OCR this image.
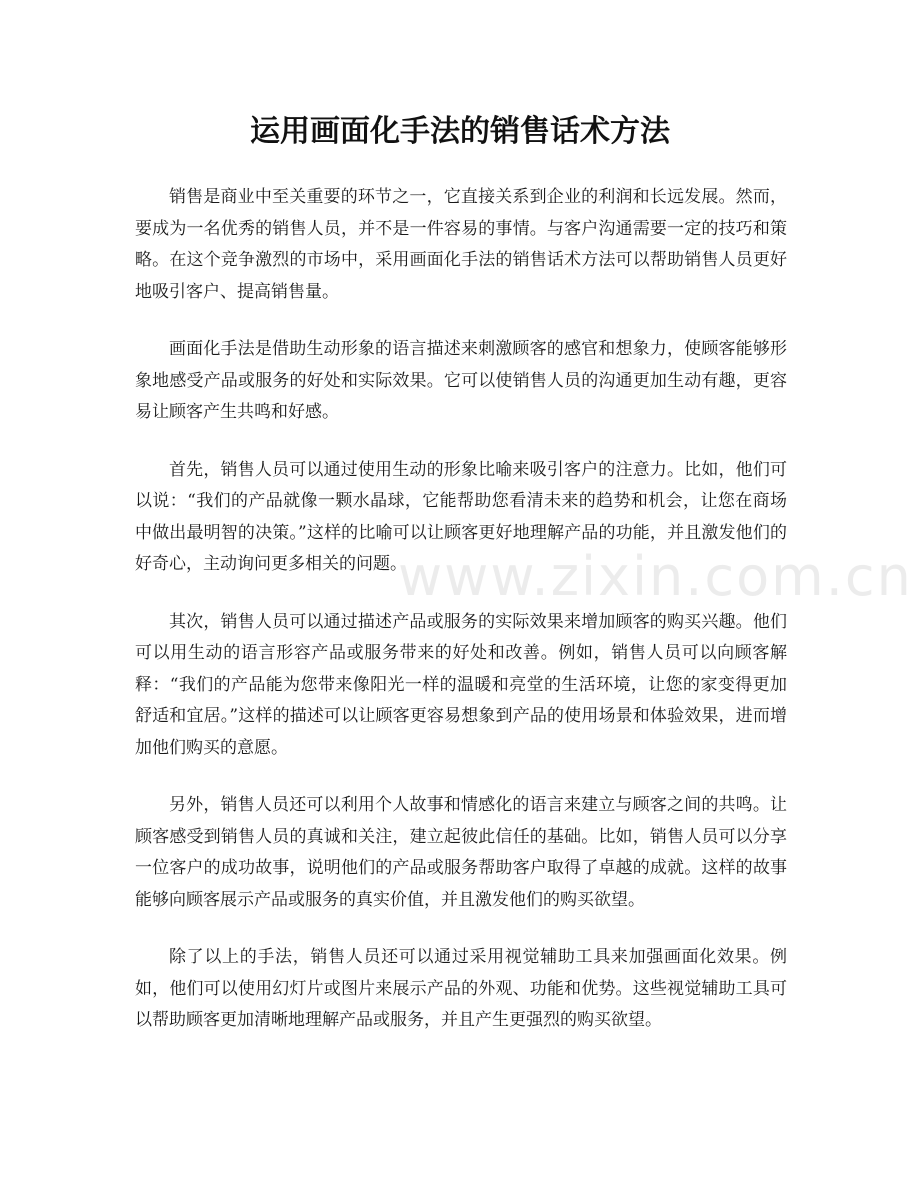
运用画面化手法的销售话术方法

销售是商业中至关重要的环节之一，它直接关系到企业的利润和长远发展。然而，要成为一名优秀的销售人员，并不是一件容易的事情。与客户沟通需要一定的技巧和策略。在这个竞争激烈的市场中，采用画面化手法的销售话术方法可以帮助销售人员更好地吸引客户、提高销售量。

画面化手法是借助生动形象的语言描述来刺激顾客的感官和想象力，使顾客能够形象地感受产品或服务的好处和实际效果。它可以使销售人员的沟通更加生动有趣，更容易让顾客产生共鸣和好感。

首先，销售人员可以通过使用生动的形象比喻来吸引客户的注意力。比如，他们可以说：“我们的产品就像一颗水晶球，它能帮助您看清未来的趋势和机会，让您在商场中做出最明智的决策。”这样的比喻可以让顾客更好地理解产品的功能，并且激发他们的好奇心，主动询问更多相关的问题。

其次，销售人员可以通过描述产品或服务的实际效果来增加顾客的购买兴趣。他们可以用生动的语言形容产品或服务带来的好处和改善。例如，销售人员可以向顾客解释：“我们的产品能为您带来像阳光一样的温暖和亮堂的生活环境，让您的家变得更加舒适和宜居。”这样的描述可以让顾客更容易想象到产品的使用场景和体验效果，进而增加他们购买的意愿。

另外，销售人员还可以利用个人故事和情感化的语言来建立与顾客之间的共鸣。让顾客感受到销售人员的真诚和关注，建立起彼此信任的基础。比如，销售人员可以分享一位客户的成功故事，说明他们的产品或服务帮助客户取得了卓越的成就。这样的故事能够向顾客展示产品或服务的真实价值，并且激发他们的购买欲望。

除了以上的手法，销售人员还可以通过采用视觉辅助工具来加强画面化效果。例如，他们可以使用幻灯片或图片来展示产品的外观、功能和优势。这些视觉辅助工具可以帮助顾客更加清晰地理解产品或服务，并且产生更强烈的购买欲望。

www.zixin.com.cn
